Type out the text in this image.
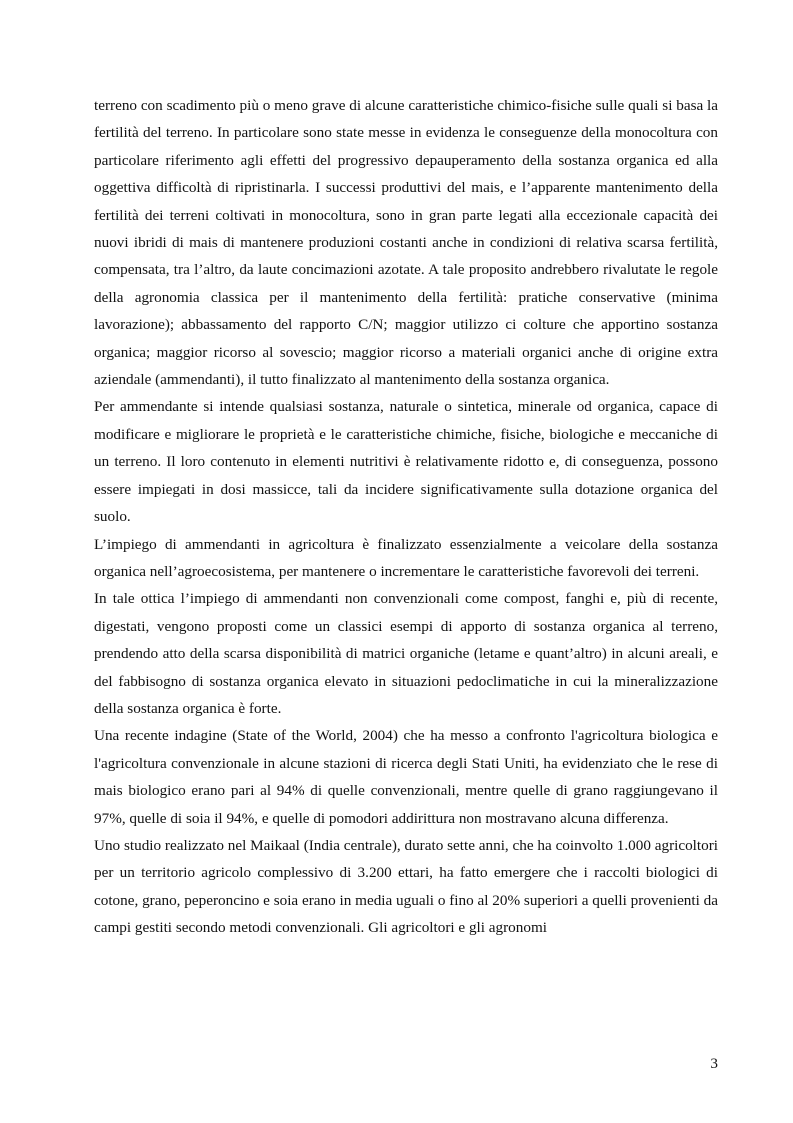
terreno con scadimento più o meno grave di alcune caratteristiche chimico-fisiche sulle quali si basa la fertilità del terreno. In particolare sono state messe in evidenza le conseguenze della monocoltura con particolare riferimento agli effetti del progressivo depauperamento della sostanza organica ed alla oggettiva difficoltà di ripristinarla. I successi produttivi del mais, e l’apparente mantenimento della fertilità dei terreni coltivati in monocoltura, sono in gran parte legati alla eccezionale capacità dei nuovi ibridi di mais di mantenere produzioni costanti anche in condizioni di relativa scarsa fertilità, compensata, tra l’altro, da laute concimazioni azotate. A tale proposito andrebbero rivalutate le regole della agronomia classica per il mantenimento della fertilità: pratiche conservative (minima lavorazione); abbassamento del rapporto C/N; maggior utilizzo ci colture che apportino sostanza organica; maggior ricorso al sovescio; maggior ricorso a materiali organici anche di origine extra aziendale (ammendanti), il tutto finalizzato al mantenimento della sostanza organica.

Per ammendante si intende qualsiasi sostanza, naturale o sintetica, minerale od organica, capace di modificare e migliorare le proprietà e le caratteristiche chimiche, fisiche, biologiche e meccaniche di un terreno. Il loro contenuto in elementi nutritivi è relativamente ridotto e, di conseguenza, possono essere impiegati in dosi massicce, tali da incidere significativamente sulla dotazione organica del suolo.

L’impiego di ammendanti in agricoltura è finalizzato essenzialmente a veicolare della sostanza organica nell’agroecosistema, per mantenere o incrementare le caratteristiche favorevoli dei terreni.

In tale ottica l’impiego di ammendanti non convenzionali come compost, fanghi e, più di recente, digestati, vengono proposti come un classici esempi di apporto di sostanza organica al terreno, prendendo atto della scarsa disponibilità di matrici organiche (letame e quant’altro) in alcuni areali, e del fabbisogno di sostanza organica elevato in situazioni pedoclimatiche in cui la mineralizzazione della sostanza organica è forte.

Una recente indagine (State of the World, 2004) che ha messo a confronto l'agricoltura biologica e l'agricoltura convenzionale in alcune stazioni di ricerca degli Stati Uniti, ha evidenziato che le rese di mais biologico erano pari al 94% di quelle convenzionali, mentre quelle di grano raggiungevano il 97%, quelle di soia il 94%, e quelle di pomodori addirittura non mostravano alcuna differenza.

Uno studio realizzato nel Maikaal (India centrale), durato sette anni, che ha coinvolto 1.000 agricoltori per un territorio agricolo complessivo di 3.200 ettari, ha fatto emergere che i raccolti biologici di cotone, grano, peperoncino e soia erano in media uguali o fino al 20% superiori a quelli provenienti da campi gestiti secondo metodi convenzionali. Gli agricoltori e gli agronomi

3
